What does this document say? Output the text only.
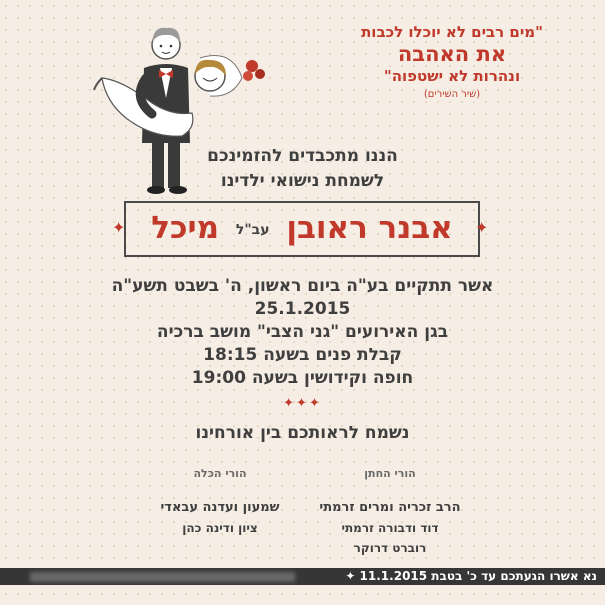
"מים רבים לא יוכלו לכבות
את האהבה
ונהרות לא ישטפוה"
(שיר השירים)
הננו מתכבדים להזמינכם
לשמחת נישואי ילדינו
✦	אבנר ראובן עב"ל מיכל	✦
אשר תתקיים בע"ה ביום ראשון, ה' בשבט תשע"ה
25.1.2015
בגן האירועים "גני הצבי" מושב ברכיה
קבלת פנים בשעה 18:15
חופה וקידושין בשעה 19:00
✦✦✦
נשמח לראותכם בין אורחינו
הורי החתן
הרב זכריה ומרים זרמתי
דוד ודבורה זרמתי
רוברט דרוקר
הורי הכלה
שמעון ועדנה עבאדי
ציון ודינה כהן
נא אשרו הגעתכם עד כ' בטבת 11.1.2015 ✦
